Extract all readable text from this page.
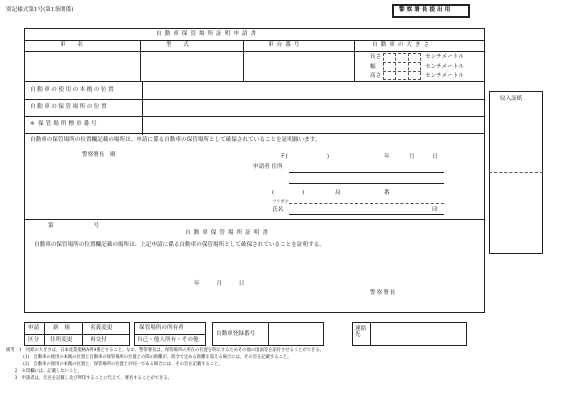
別記様式第1号(第1条関係)	警察署長提出用
自動車保管場所証明申請書
車　名	型　式	車台番号	自動車の大きさ
長さ
幅
高さ
センチメートル
センチメートル
センチメートル
自動車の使用の本拠の位置
自動車の保管場所の位置
※ 保管場所標章番号
自動車の保管場所の位置欄記載の場所は、申請に係る自動車の保管場所として確保されていることを証明願います。
警察署長　殿	〒(　　　　　　　)	年	月	日
申請者 住所
(　　　　　)	局	番
フリガナ
氏名	印
第　　　　　号
自動車保管場所証明書
自動車の保管場所の位置欄記載の場所は、上記申請に係る自動車の保管場所として確保されていることを証明する。
年　　　月　　　日
警察署長
収入証紙
申請
区分
新　規	名義変更
住所変更	再交付
保管場所の所有者
自己・他人所有・その他
自動車登録番号
連絡先
備考　1　用紙の大きさは、日本産業規格A列4番とすること。なお、警察署長は、保管場所の所在の位置を明示するためその他の図面等を添付させることができる。
　　　　(1)　自動車の使用の本拠の位置と自動車の保管場所の位置との間の距離が、政令で定める距離を超える場合には、その旨を記載すること。
　　　　(2)　自動車の使用の本拠の位置と、保管場所の位置とが同一である場合には、その旨を記載すること。
　　2　※印欄には、記載しないこと。
　　3　申請者は、氏名を記載し及び押印することに代えて、署名することができる。
